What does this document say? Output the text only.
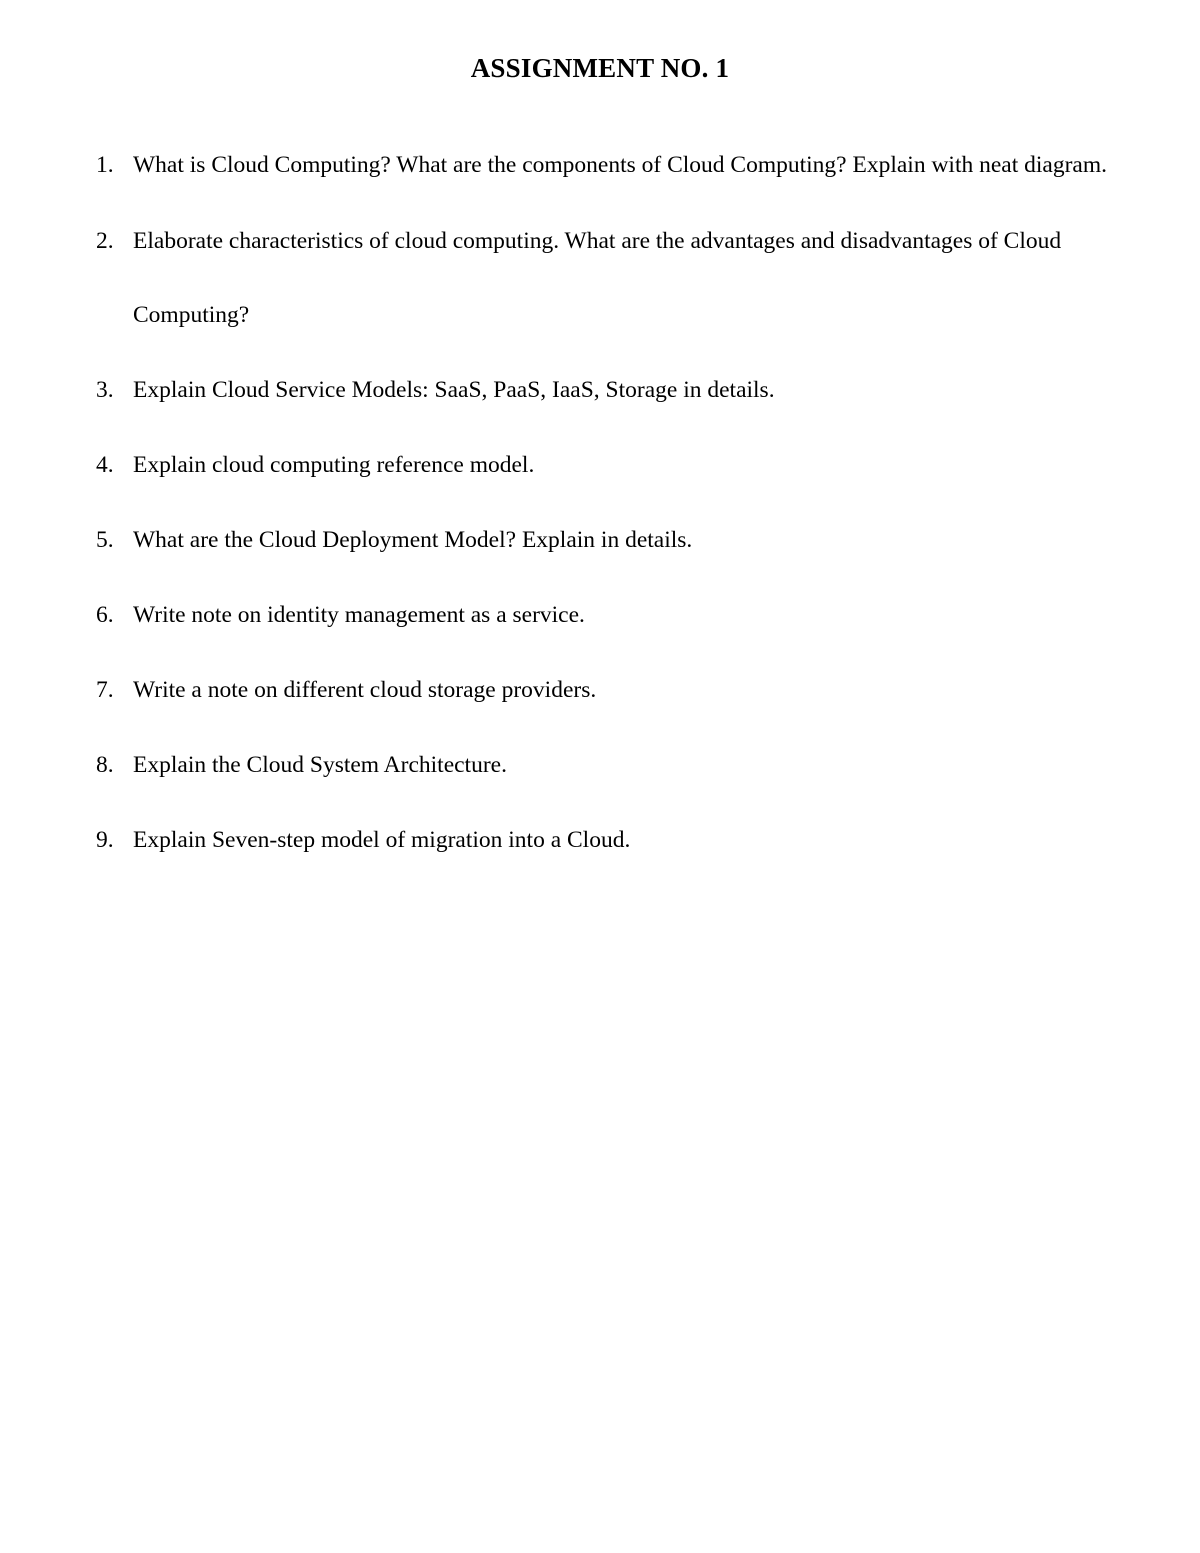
ASSIGNMENT NO. 1
1. What is Cloud Computing? What are the components of Cloud Computing? Explain with neat diagram.
2. Elaborate characteristics of cloud computing. What are the advantages and disadvantages of Cloud Computing?
3. Explain Cloud Service Models: SaaS, PaaS, IaaS, Storage in details.
4. Explain cloud computing reference model.
5. What are the Cloud Deployment Model? Explain in details.
6. Write note on identity management as a service.
7. Write a note on different cloud storage providers.
8. Explain the Cloud System Architecture.
9. Explain Seven-step model of migration into a Cloud.
